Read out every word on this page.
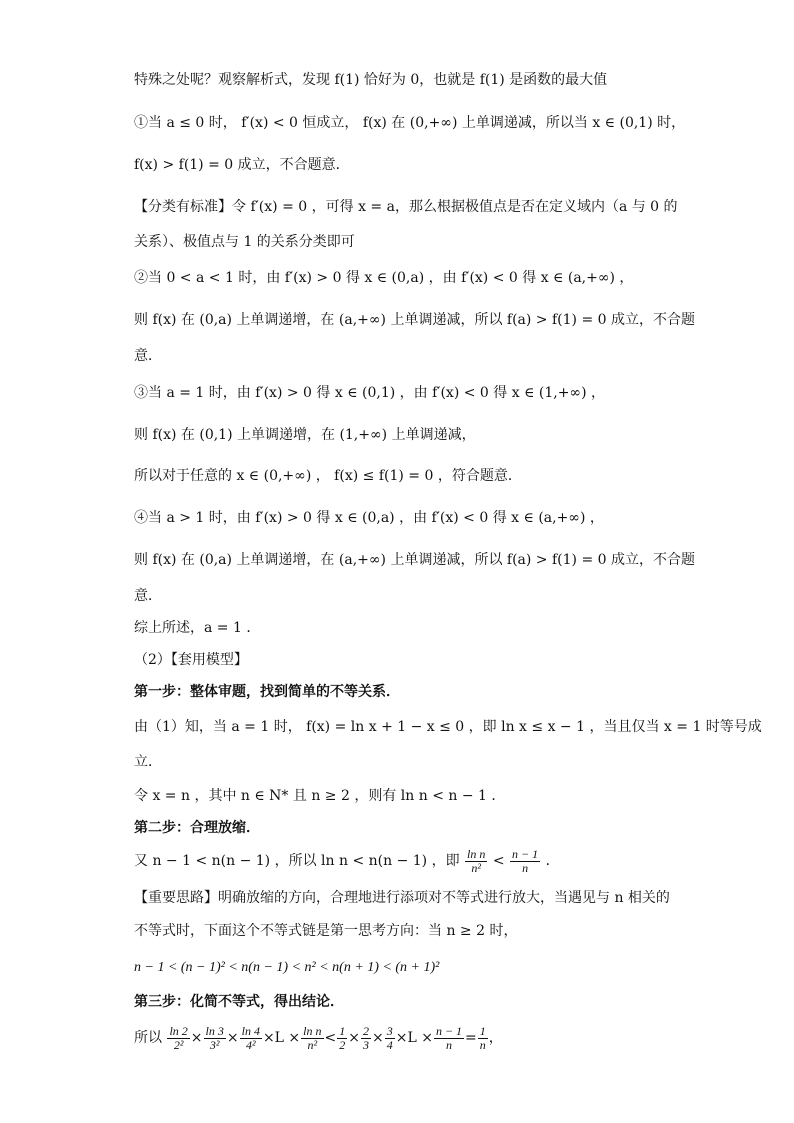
特殊之处呢？观察解析式，发现 f(1) 恰好为 0，也就是 f(1) 是函数的最大值
①当 a ≤ 0 时， f′(x) < 0 恒成立， f(x) 在 (0,+∞) 上单调递减，所以当 x ∈ (0,1) 时，
f(x) > f(1) = 0 成立，不合题意．
【分类有标准】令 f′(x) = 0 ，可得 x = a，那么根据极值点是否在定义域内（a 与 0 的
关系）、极值点与 1 的关系分类即可
②当 0 < a < 1 时，由 f′(x) > 0 得 x ∈ (0,a) ，由 f′(x) < 0 得 x ∈ (a,+∞) ，
则 f(x) 在 (0,a) 上单调递增，在 (a,+∞) 上单调递减，所以 f(a) > f(1) = 0 成立，不合题
意．
③当 a = 1 时，由 f′(x) > 0 得 x ∈ (0,1) ，由 f′(x) < 0 得 x ∈ (1,+∞) ，
则 f(x) 在 (0,1) 上单调递增，在 (1,+∞) 上单调递减，
所以对于任意的 x ∈ (0,+∞) ， f(x) ≤ f(1) = 0 ，符合题意．
④当 a > 1 时，由 f′(x) > 0 得 x ∈ (0,a) ，由 f′(x) < 0 得 x ∈ (a,+∞) ，
则 f(x) 在 (0,a) 上单调递增，在 (a,+∞) 上单调递减，所以 f(a) > f(1) = 0 成立，不合题
意．
综上所述，a = 1 ．
（2）【套用模型】
第一步：整体审题，找到简单的不等关系．
由（1）知，当 a = 1 时， f(x) = ln x + 1 − x ≤ 0 ，即 ln x ≤ x − 1 ，当且仅当 x = 1 时等号成
立．
令 x = n ，其中 n ∈ N* 且 n ≥ 2 ，则有 ln n < n − 1 ．
第二步：合理放缩．
又 n − 1 < n(n − 1) ，所以 ln n < n(n − 1) ，即 $\frac{\text{ln n}}{\text{n²}} < \frac{n - 1}{n}$ ．
【重要思路】明确放缩的方向，合理地进行添项对不等式进行放大，当遇见与 n 相关的
不等式时，下面这个不等式链是第一思考方向：当 n ≥ 2 时，
n − 1 < (n − 1)² < n(n − 1) < n² < n(n + 1) < (n + 1)²
第三步：化简不等式，得出结论．
所以 $\frac{\ln 2}{\text{2²}} \times \frac{\ln 3}{\text{3²}} \times \frac{\ln 4}{\text{4²}} \times L \times \frac{\text{ln n}}{\text{n²}} < \frac{1}{2} \times \frac{2}{3} \times \frac{3}{4} \times L \times \frac{n - 1}{n} = \frac{1}{n}$ ，
